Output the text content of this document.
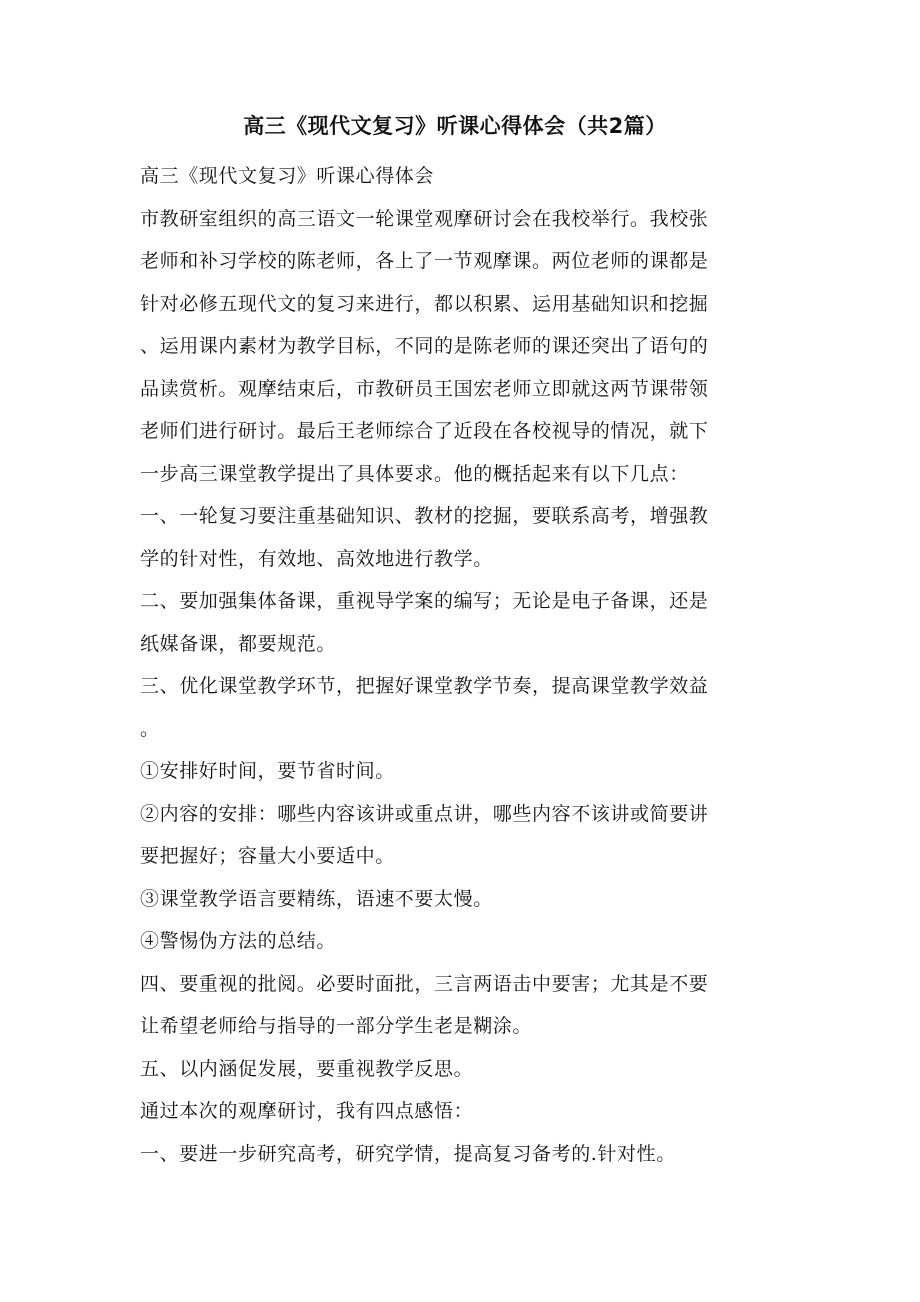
高三《现代文复习》听课心得体会（共2篇）
高三《现代文复习》听课心得体会
市教研室组织的高三语文一轮课堂观摩研讨会在我校举行。我校张
老师和补习学校的陈老师，各上了一节观摩课。两位老师的课都是
针对必修五现代文的复习来进行，都以积累、运用基础知识和挖掘
、运用课内素材为教学目标，不同的是陈老师的课还突出了语句的
品读赏析。观摩结束后，市教研员王国宏老师立即就这两节课带领
老师们进行研讨。最后王老师综合了近段在各校视导的情况，就下
一步高三课堂教学提出了具体要求。他的概括起来有以下几点：
一、一轮复习要注重基础知识、教材的挖掘，要联系高考，增强教
学的针对性，有效地、高效地进行教学。
二、要加强集体备课，重视导学案的编写；无论是电子备课，还是
纸媒备课，都要规范。
三、优化课堂教学环节，把握好课堂教学节奏，提高课堂教学效益
。
①安排好时间，要节省时间。
②内容的安排：哪些内容该讲或重点讲，哪些内容不该讲或简要讲
要把握好；容量大小要适中。
③课堂教学语言要精练，语速不要太慢。
④警惕伪方法的总结。
四、要重视的批阅。必要时面批，三言两语击中要害；尤其是不要
让希望老师给与指导的一部分学生老是糊涂。
五、以内涵促发展，要重视教学反思。
通过本次的观摩研讨，我有四点感悟：
一、要进一步研究高考，研究学情，提高复习备考的.针对性。
